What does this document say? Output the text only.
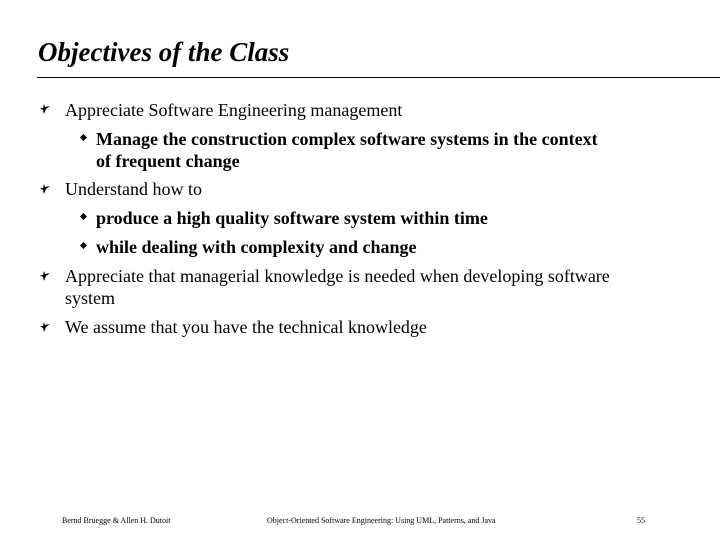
Objectives of the Class
Appreciate Software Engineering management
Manage the construction complex software systems in the context
of frequent change
Understand how to
produce a high quality software system within time
while dealing with complexity and change
Appreciate that managerial knowledge is needed when developing software
system
We assume that you have the technical knowledge
Bernd Bruegge & Allen H. Dutoit	Object-Oriented Software Engineering: Using UML, Patterns, and Java	55
